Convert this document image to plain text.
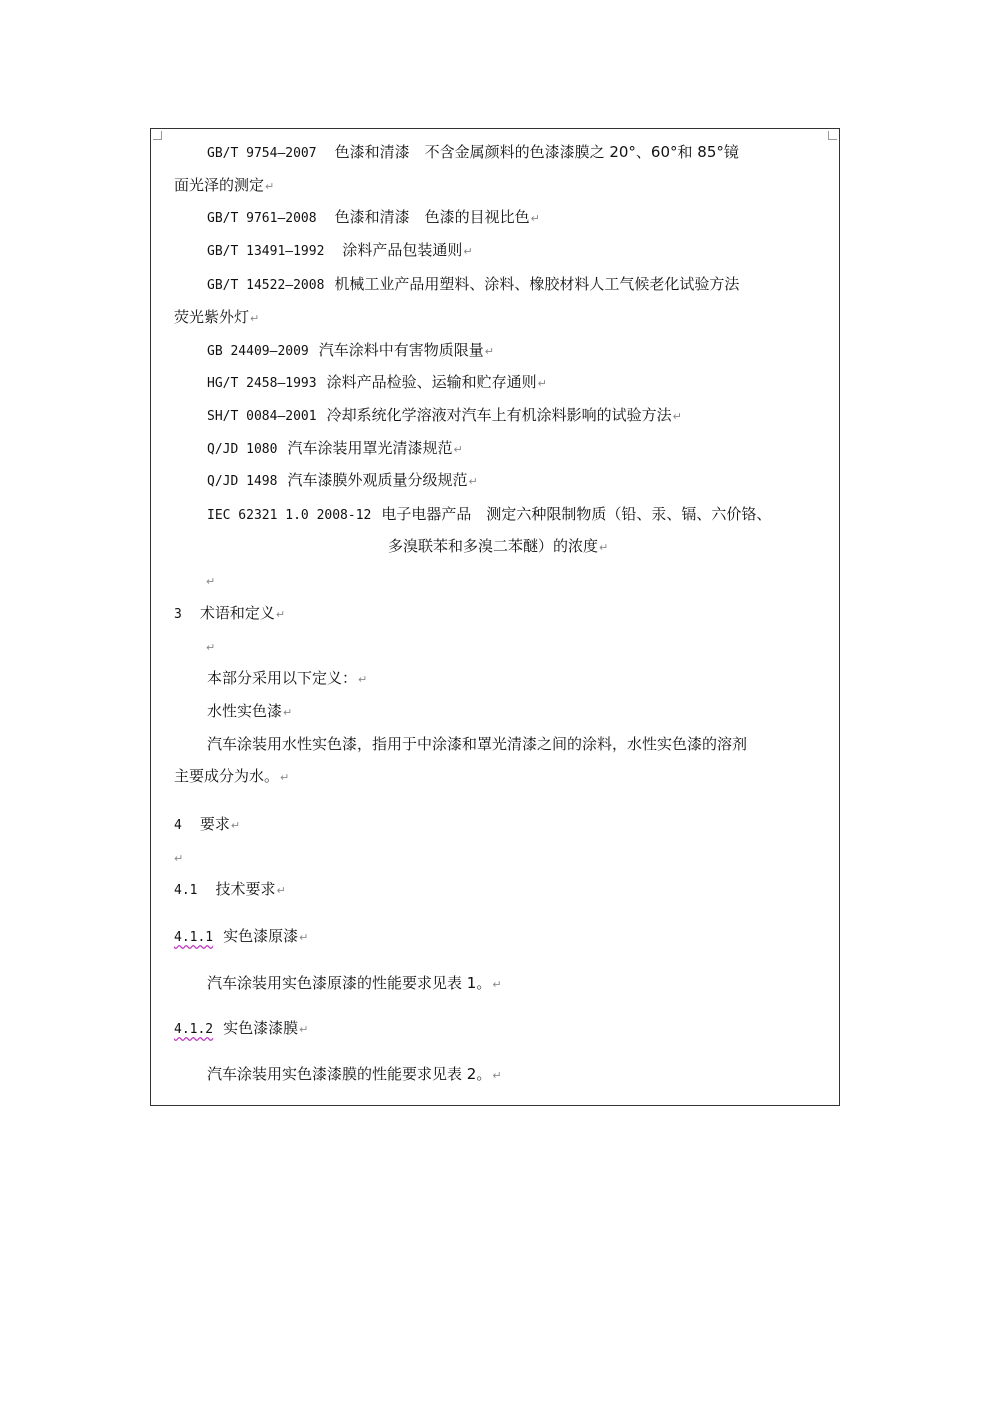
GB/T 9754—2007 色漆和清漆　不含金属颜料的色漆漆膜之 20°、60°和 85°镜
面光泽的测定↵
GB/T 9761—2008 色漆和清漆　色漆的目视比色↵
GB/T 13491—1992 涂料产品包装通则↵
GB/T 14522—2008 机械工业产品用塑料、涂料、橡胶材料人工气候老化试验方法
荧光紫外灯↵
GB 24409—2009 汽车涂料中有害物质限量↵
HG/T 2458—1993 涂料产品检验、运输和贮存通则↵
SH/T 0084—2001 冷却系统化学溶液对汽车上有机涂料影响的试验方法↵
Q/JD 1080 汽车涂装用罩光清漆规范↵
Q/JD 1498 汽车漆膜外观质量分级规范↵
IEC 62321 1.0 2008-12 电子电器产品　测定六种限制物质（铅、汞、镉、六价铬、
多溴联苯和多溴二苯醚）的浓度↵
↵
3 术语和定义↵
↵
本部分采用以下定义：↵
水性实色漆↵
汽车涂装用水性实色漆，指用于中涂漆和罩光清漆之间的涂料，水性实色漆的溶剂
主要成分为水。↵
4 要求↵
↵
4.1 技术要求↵
4.1.1 实色漆原漆↵
汽车涂装用实色漆原漆的性能要求见表 1。↵
4.1.2 实色漆漆膜↵
汽车涂装用实色漆漆膜的性能要求见表 2。↵
